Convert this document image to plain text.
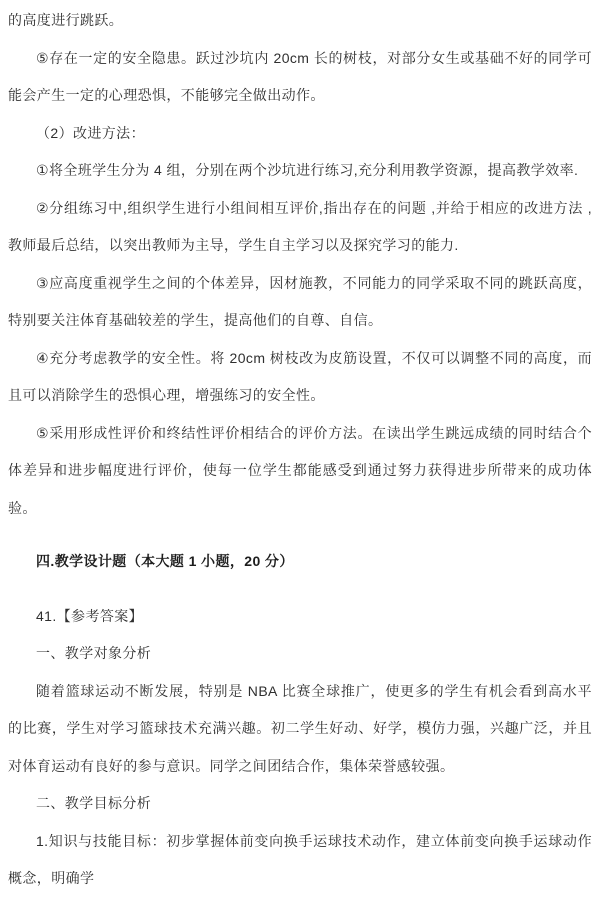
的高度进行跳跃。

⑤存在一定的安全隐患。跃过沙坑内 20cm 长的树枝，对部分女生或基础不好的同学可能会产生一定的心理恐惧，不能够完全做出动作。

（2）改进方法：

①将全班学生分为 4 组，分别在两个沙坑进行练习,充分利用教学资源，提高教学效率.

②分组练习中,组织学生进行小组间相互评价,指出存在的问题 ,并给于相应的改进方法 ,教师最后总结，以突出教师为主导，学生自主学习以及探究学习的能力.

③应高度重视学生之间的个体差异，因材施教，不同能力的同学采取不同的跳跃高度，特别要关注体育基础较差的学生，提高他们的自尊、自信。

④充分考虑教学的安全性。将 20cm 树枝改为皮筋设置，不仅可以调整不同的高度，而且可以消除学生的恐惧心理，增强练习的安全性。

⑤采用形成性评价和终结性评价相结合的评价方法。在读出学生跳远成绩的同时结合个体差异和进步幅度进行评价，使每一位学生都能感受到通过努力获得进步所带来的成功体验。

四.教学设计题（本大题 1 小题，20 分）

41.【参考答案】

一、教学对象分析

随着篮球运动不断发展，特别是 NBA 比赛全球推广，使更多的学生有机会看到高水平的比赛，学生对学习篮球技术充满兴趣。初二学生好动、好学，模仿力强，兴趣广泛，并且对体育运动有良好的参与意识。同学之间团结合作，集体荣誉感较强。

二、教学目标分析

1.知识与技能目标：初步掌握体前变向换手运球技术动作，建立体前变向换手运球动作概念，明确学
